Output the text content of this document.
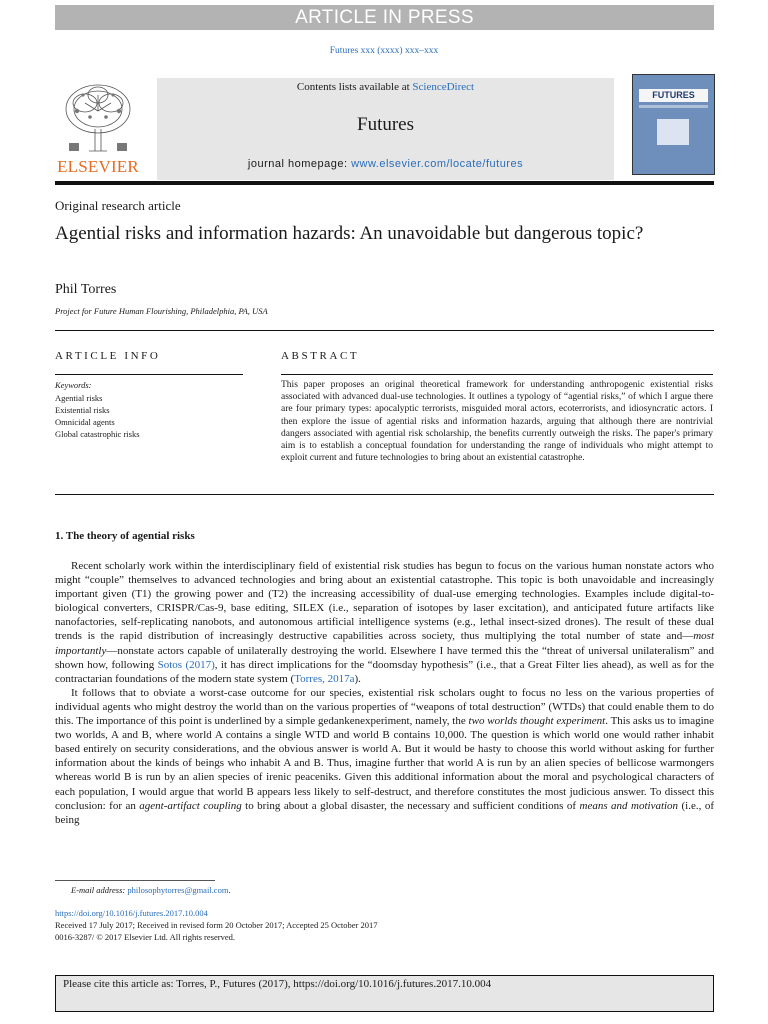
ARTICLE IN PRESS
Futures xxx (xxxx) xxx–xxx
ELSEVIER
Contents lists available at ScienceDirect
Futures
journal homepage: www.elsevier.com/locate/futures
FUTURES
Original research article
Agential risks and information hazards: An unavoidable but dangerous topic?
Phil Torres
Project for Future Human Flourishing, Philadelphia, PA, USA
ARTICLE INFO	ABSTRACT
Keywords:
Agential risks
Existential risks
Omnicidal agents
Global catastrophic risks
This paper proposes an original theoretical framework for understanding anthropogenic existential risks associated with advanced dual-use technologies. It outlines a typology of “agential risks,” of which I argue there are four primary types: apocalyptic terrorists, misguided moral actors, ecoterrorists, and idiosyncratic actors. I then explore the issue of agential risks and information hazards, arguing that although there are nontrivial dangers associated with agential risk scholarship, the benefits currently outweigh the risks. The paper's primary aim is to establish a conceptual foundation for understanding the range of individuals who might attempt to exploit current and future technologies to bring about an existential catastrophe.
1. The theory of agential risks

Recent scholarly work within the interdisciplinary field of existential risk studies has begun to focus on the various human nonstate actors who might “couple” themselves to advanced technologies and bring about an existential catastrophe. This topic is both unavoidable and increasingly important given (T1) the growing power and (T2) the increasing accessibility of dual-use emerging technologies. Examples include digital-to-biological converters, CRISPR/Cas-9, base editing, SILEX (i.e., separation of isotopes by laser excitation), and anticipated future artifacts like nanofactories, self-replicating nanobots, and autonomous artificial intelligence systems (e.g., lethal insect-sized drones). The result of these dual trends is the rapid distribution of increasingly destructive capabilities across society, thus multiplying the total number of state and—most importantly—nonstate actors capable of unilaterally destroying the world. Elsewhere I have termed this the “threat of universal unilateralism” and shown how, following Sotos (2017), it has direct implications for the “doomsday hypothesis” (i.e., that a Great Filter lies ahead), as well as for the contractarian foundations of the modern state system (Torres, 2017a).

It follows that to obviate a worst-case outcome for our species, existential risk scholars ought to focus no less on the various properties of individual agents who might destroy the world than on the various properties of “weapons of total destruction” (WTDs) that could enable them to do this. The importance of this point is underlined by a simple gedankenexperiment, namely, the two worlds thought experiment. This asks us to imagine two worlds, A and B, where world A contains a single WTD and world B contains 10,000. The question is which world one would rather inhabit based entirely on security considerations, and the obvious answer is world A. But it would be hasty to choose this world without asking for further information about the kinds of beings who inhabit A and B. Thus, imagine further that world A is run by an alien species of bellicose warmongers whereas world B is run by an alien species of irenic peaceniks. Given this additional information about the moral and psychological characters of each population, I would argue that world B appears less likely to self-destruct, and therefore constitutes the most judicious answer. To dissect this conclusion: for an agent-artifact coupling to bring about a global disaster, the necessary and sufficient conditions of means and motivation (i.e., of being

E-mail address: philosophytorres@gmail.com.
https://doi.org/10.1016/j.futures.2017.10.004
Received 17 July 2017; Received in revised form 20 October 2017; Accepted 25 October 2017
0016-3287/ © 2017 Elsevier Ltd. All rights reserved.
Please cite this article as: Torres, P., Futures (2017), https://doi.org/10.1016/j.futures.2017.10.004
